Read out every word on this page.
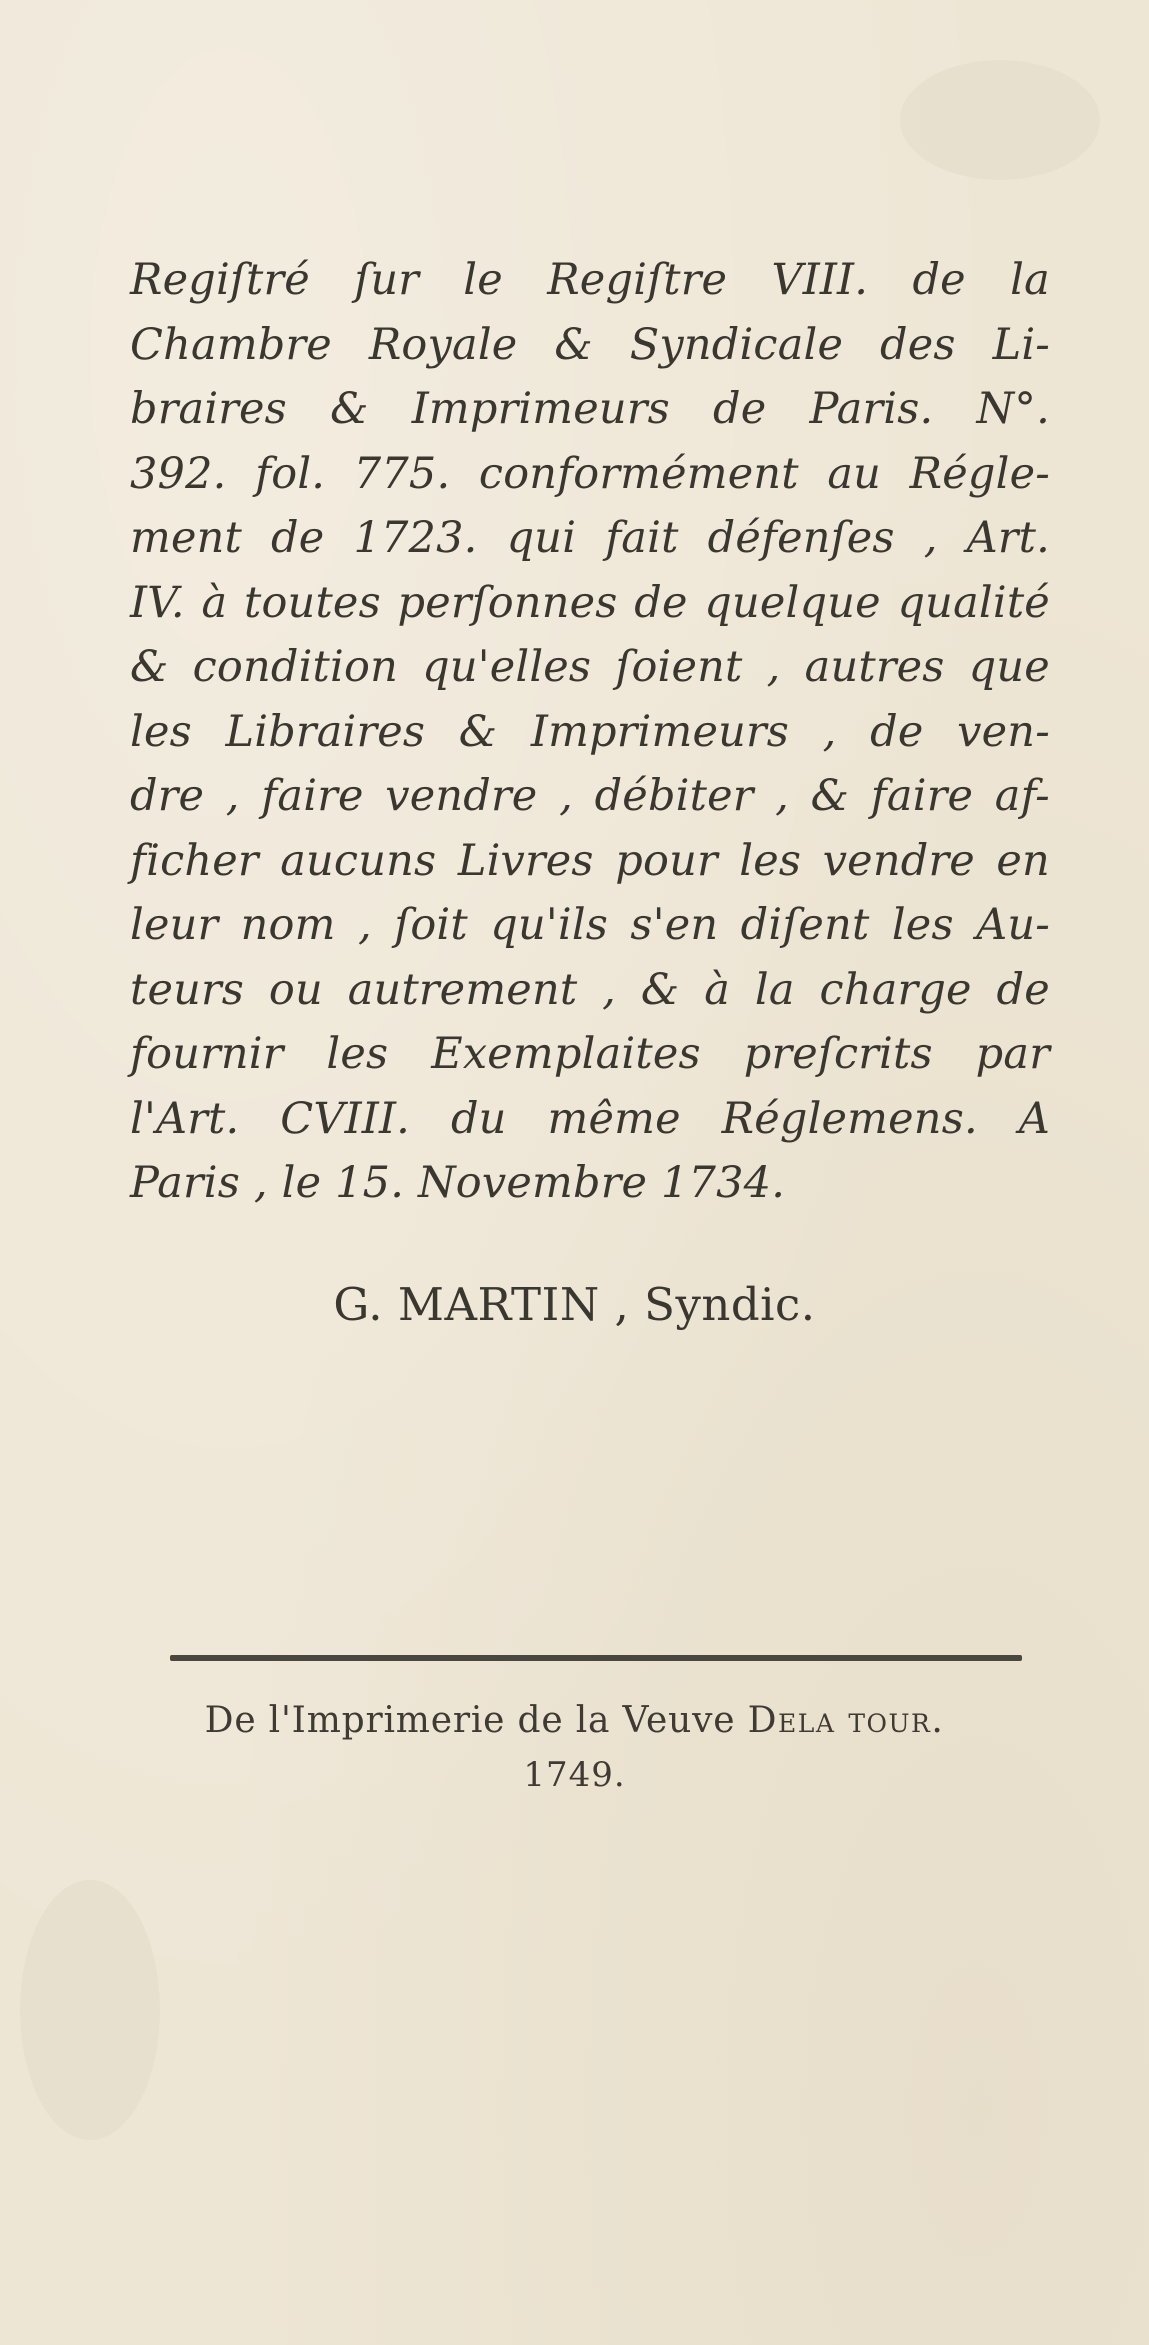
Regiſtré ſur le Regiſtre VIII. de la
Chambre Royale & Syndicale des Li-
braires & Imprimeurs de Paris. N°.
392. fol. 775. conformément au Régle-
ment de 1723. qui fait défenſes , Art.
IV. à toutes perſonnes de quelque qualité
& condition qu'elles ſoient , autres que
les Libraires & Imprimeurs , de ven-
dre , faire vendre , débiter , & faire af-
ficher aucuns Livres pour les vendre en
leur nom , ſoit qu'ils s'en diſent les Au-
teurs ou autrement , & à la charge de
fournir les Exemplaites preſcrits par
l'Art. CVIII. du même Réglemens. A
Paris , le 15. Novembre 1734.
G. MARTIN , Syndic.
De l'Imprimerie de la Veuve Dela tour.
1749.
